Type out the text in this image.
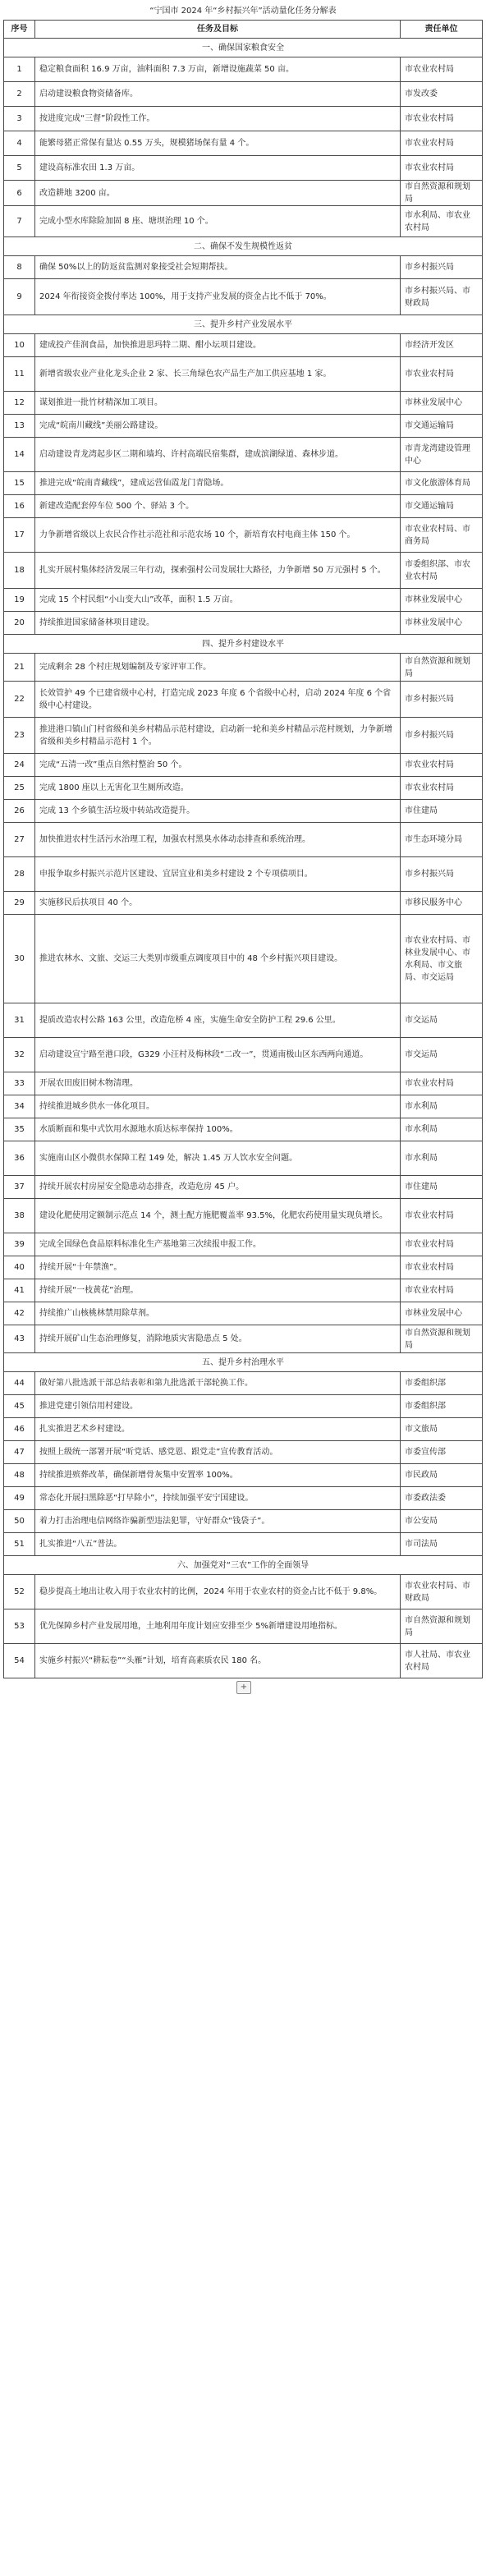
“宁国市 2024 年“乡村振兴年”活动量化任务分解表
序号	任务及目标	责任单位
一、确保国家粮食安全		
1	稳定粮食面积 16.9 万亩，油料面积 7.3 万亩，新增设施蔬菜 50 亩。	市农业农村局
2	启动建设粮食物资储备库。	市发改委
3	按进度完成“三督”阶段性工作。	市农业农村局
4	能繁母猪正常保有量达 0.55 万头，规模猪场保有量 4 个。	市农业农村局
5	建设高标准农田 1.3 万亩。	市农业农村局
6	改造耕地 3200 亩。	市自然资源和规划局
7	完成小型水库除险加固 8 座、塘坝治理 10 个。	市水利局、市农业农村局
二、确保不发生规模性返贫		
8	确保 50%以上的防返贫监测对象接受社会短期帮扶。	市乡村振兴局
9	2024 年衔接资金拨付率达 100%，用于支持产业发展的资金占比不低于 70%。	市乡村振兴局、市财政局
三、提升乡村产业发展水平		
10	建成投产佳润食品，加快推进思玛特二期、酣小坛项目建设。	市经济开发区
11	新增省级农业产业化龙头企业 2 家、长三角绿色农产品生产加工供应基地 1 家。	市农业农村局
12	谋划推进一批竹材精深加工项目。	市林业发展中心
13	完成“皖南川藏线”美丽公路建设。	市交通运输局
14	启动建设青龙湾起步区二期和墙坞、许村高端民宿集群，建成滨湖绿道、森林步道。	市青龙湾建设管理中心
15	推进完成“皖南青藏线”，建成运营仙霞龙门青隐场。	市文化旅游体育局
16	新建改造配套停车位 500 个、驿站 3 个。	市交通运输局
17	力争新增省级以上农民合作社示范社和示范农场 10 个，新培育农村电商主体 150 个。	市农业农村局、市商务局
18	扎实开展村集体经济发展三年行动，探索强村公司发展壮大路径，力争新增 50 万元强村 5 个。	市委组织部、市农业农村局
19	完成 15 个村民组“小山变大山”改革，面积 1.5 万亩。	市林业发展中心
20	持续推进国家储备林项目建设。	市林业发展中心
四、提升乡村建设水平		
21	完成剩余 28 个村庄规划编制及专家评审工作。	市自然资源和规划局
22	长效管护 49 个已建省级中心村，打造完成 2023 年度 6 个省级中心村，启动 2024 年度 6 个省级中心村建设。	市乡村振兴局
23	推进港口镇山门村省级和美乡村精品示范村建设，启动新一轮和美乡村精品示范村规划，力争新增省级和美乡村精品示范村 1 个。	市乡村振兴局
24	完成“五清一改”重点自然村整治 50 个。	市农业农村局
25	完成 1800 座以上无害化卫生厕所改造。	市农业农村局
26	完成 13 个乡镇生活垃圾中转站改造提升。	市住建局
27	加快推进农村生活污水治理工程，加强农村黑臭水体动态排查和系统治理。	市生态环境分局
28	申报争取乡村振兴示范片区建设、宜居宜业和美乡村建设 2 个专项债项目。	市乡村振兴局
29	实施移民后扶项目 40 个。	市移民服务中心
30	推进农林水、文旅、交运三大类别市级重点调度项目中的 48 个乡村振兴项目建设。	市农业农村局、市林业发展中心、市水利局、市文旅局、市交运局
31	提质改造农村公路 163 公里，改造危桥 4 座，实施生命安全防护工程 29.6 公里。	市交运局
32	启动建设宣宁路至港口段，G329 小汪村及梅林段“二改一”，贯通南极山区东西两向通道。	市交运局
33	开展农田废旧树木物清理。	市农业农村局
34	持续推进城乡供水一体化项目。	市水利局
35	水质断面和集中式饮用水源地水质达标率保持 100%。	市水利局
36	实施南山区小微供水保障工程 149 处，解决 1.45 万人饮水安全问题。	市水利局
37	持续开展农村房屋安全隐患动态排查，改造危房 45 户。	市住建局
38	建设化肥使用定额制示范点 14 个，测土配方施肥覆盖率 93.5%，化肥农药使用量实现负增长。	市农业农村局
39	完成全国绿色食品原料标准化生产基地第三次续报申报工作。	市农业农村局
40	持续开展“十年禁渔”。	市农业农村局
41	持续开展“一枝黄花”治理。	市农业农村局
42	持续推广山核桃林禁用除草剂。	市林业发展中心
43	持续开展矿山生态治理修复，消除地质灾害隐患点 5 处。	市自然资源和规划局
五、提升乡村治理水平		
44	做好第八批选派干部总结表彰和第九批选派干部轮换工作。	市委组织部
45	推进党建引领信用村建设。	市委组织部
46	扎实推进艺术乡村建设。	市文旅局
47	按照上级统一部署开展“听党话、感党恩、跟党走”宣传教育活动。	市委宣传部
48	持续推进殡葬改革，确保新增骨灰集中安置率 100%。	市民政局
49	常态化开展扫黑除恶“打早除小”，持续加强平安宁国建设。	市委政法委
50	着力打击治理电信网络诈骗新型违法犯罪，守好群众“钱袋子”。	市公安局
51	扎实推进“八五”普法。	市司法局
六、加强党对“三农”工作的全面领导		
52	稳步提高土地出让收入用于农业农村的比例，2024 年用于农业农村的资金占比不低于 9.8%。	市农业农村局、市财政局
53	优先保障乡村产业发展用地，土地利用年度计划应安排至少 5%新增建设用地指标。	市自然资源和规划局
54	实施乡村振兴“耕耘卷”“头雁”计划，培育高素质农民 180 名。	市人社局、市农业农村局
+
